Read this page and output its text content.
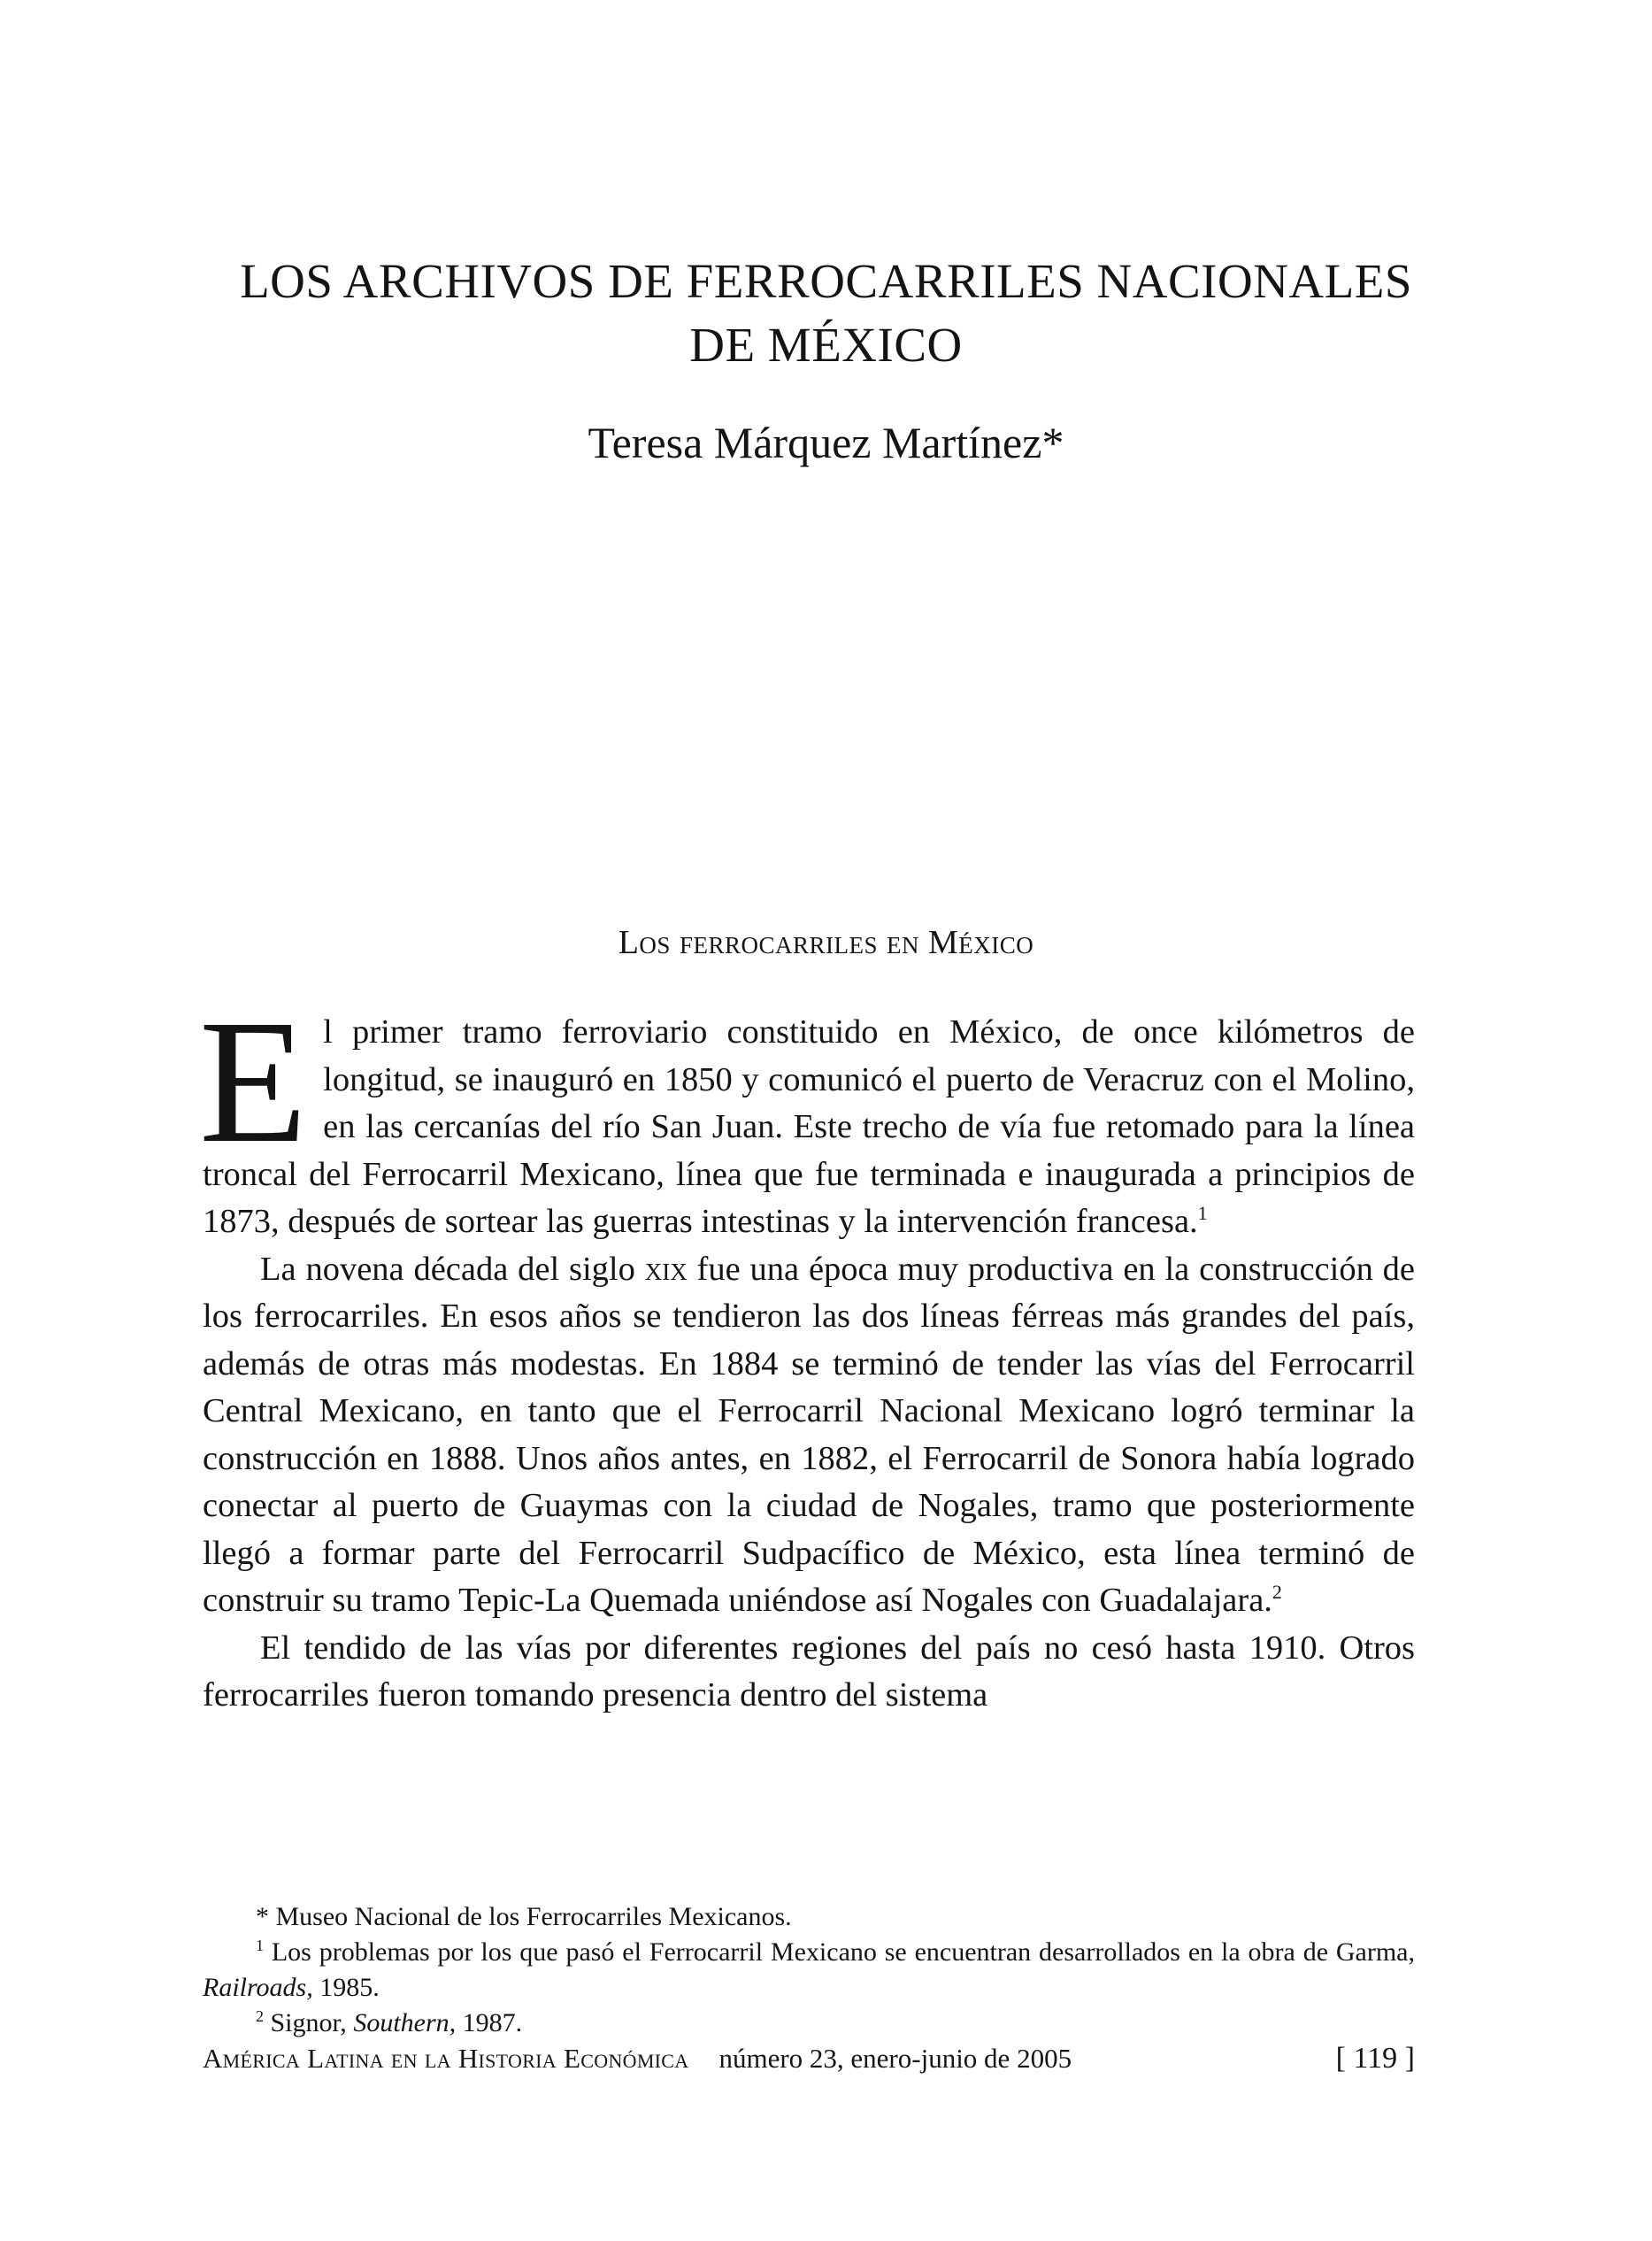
LOS ARCHIVOS DE FERROCARRILES NACIONALES
DE MÉXICO
Teresa Márquez Martínez*
Los ferrocarriles en México

El primer tramo ferroviario constituido en México, de once kilómetros de longitud, se inauguró en 1850 y comunicó el puerto de Veracruz con el Molino, en las cercanías del río San Juan. Este trecho de vía fue retomado para la línea troncal del Ferrocarril Mexicano, línea que fue terminada e inaugurada a principios de 1873, después de sortear las guerras intestinas y la intervención francesa.$^1$

La novena década del siglo xix fue una época muy productiva en la construcción de los ferrocarriles. En esos años se tendieron las dos líneas férreas más grandes del país, además de otras más modestas. En 1884 se terminó de tender las vías del Ferrocarril Central Mexicano, en tanto que el Ferrocarril Nacional Mexicano logró terminar la construcción en 1888. Unos años antes, en 1882, el Ferrocarril de Sonora había logrado conectar al puerto de Guaymas con la ciudad de Nogales, tramo que posteriormente llegó a formar parte del Ferrocarril Sudpacífico de México, esta línea terminó de construir su tramo Tepic-La Quemada uniéndose así Nogales con Guadalajara.$^2$

El tendido de las vías por diferentes regiones del país no cesó hasta 1910. Otros ferrocarriles fueron tomando presencia dentro del sistema

* Museo Nacional de los Ferrocarriles Mexicanos.

$^1$ Los problemas por los que pasó el Ferrocarril Mexicano se encuentran desarrollados en la obra de Garma, Railroads, 1985.

$^2$ Signor, Southern, 1987.

América Latina en la Historia Económica número 23, enero-junio de 2005	[ 119 ]
